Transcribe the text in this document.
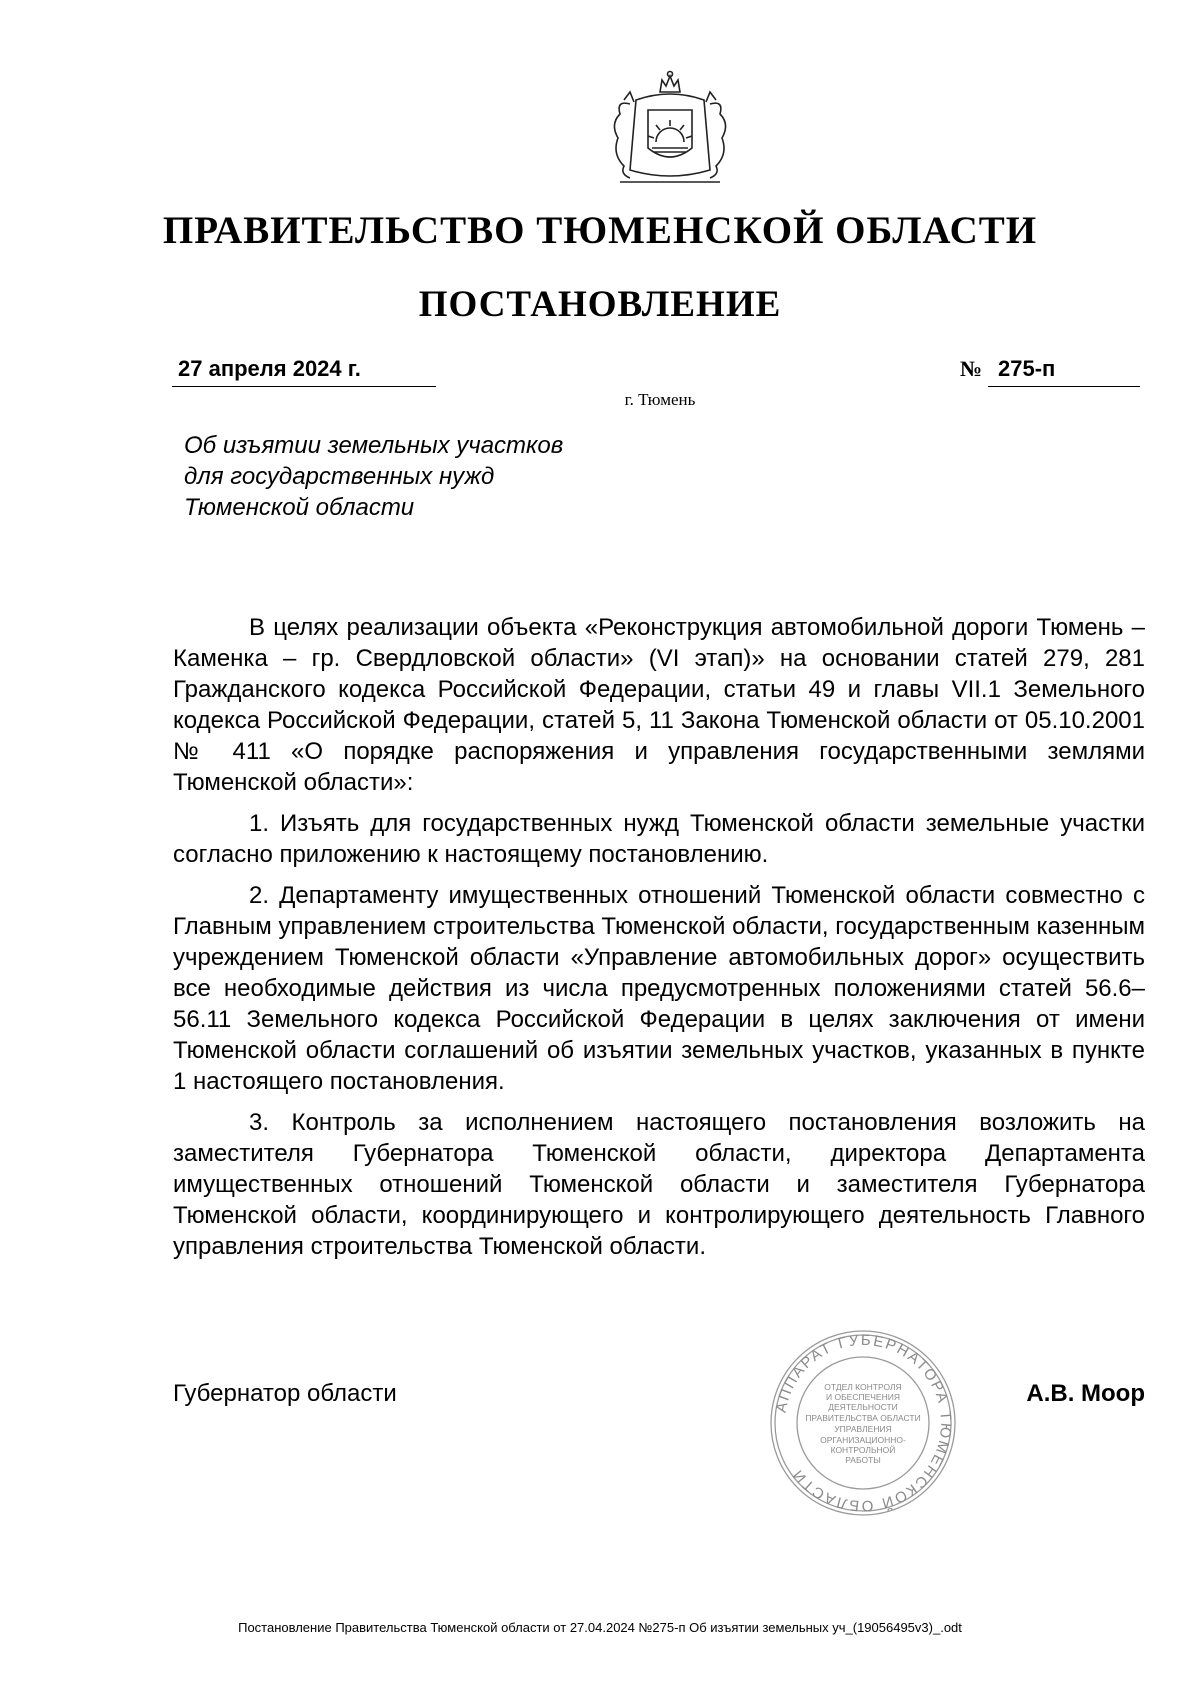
ПРАВИТЕЛЬСТВО ТЮМЕНСКОЙ ОБЛАСТИ
ПОСТАНОВЛЕНИЕ
27 апреля 2024 г.	№ 275-п
г. Тюмень
Об изъятии земельных участков
для государственных нужд
Тюменской области

В целях реализации объекта «Реконструкция автомобильной дороги Тюмень – Каменка – гр. Свердловской области» (VI этап)» на основании статей 279, 281 Гражданского кодекса Российской Федерации, статьи 49 и главы VII.1 Земельного кодекса Российской Федерации, статей 5, 11 Закона Тюменской области от 05.10.2001 № 411 «О порядке распоряжения и управления государственными землями Тюменской области»:

1. Изъять для государственных нужд Тюменской области земельные участки согласно приложению к настоящему постановлению.

2. Департаменту имущественных отношений Тюменской области совместно с Главным управлением строительства Тюменской области, государственным казенным учреждением Тюменской области «Управление автомобильных дорог» осуществить все необходимые действия из числа предусмотренных положениями статей 56.6–56.11 Земельного кодекса Российской Федерации в целях заключения от имени Тюменской области соглашений об изъятии земельных участков, указанных в пункте 1 настоящего постановления.

3. Контроль за исполнением настоящего постановления возложить на заместителя Губернатора Тюменской области, директора Департамента имущественных отношений Тюменской области и заместителя Губернатора Тюменской области, координирующего и контролирующего деятельность Главного управления строительства Тюменской области.

АППАРАТ ГУБЕРНАТОРА ТЮМЕНСКОЙ ОБЛАСТИ
ОТДЕЛ КОНТРОЛЯ
И ОБЕСПЕЧЕНИЯ
ДЕЯТЕЛЬНОСТИ
ПРАВИТЕЛЬСТВА ОБЛАСТИ
УПРАВЛЕНИЯ
ОРГАНИЗАЦИОННО-
КОНТРОЛЬНОЙ
РАБОТЫ
Губернатор области	А.В. Моор
Постановление Правительства Тюменской области от 27.04.2024 №275-п Об изъятии земельных уч_(19056495v3)_.odt
